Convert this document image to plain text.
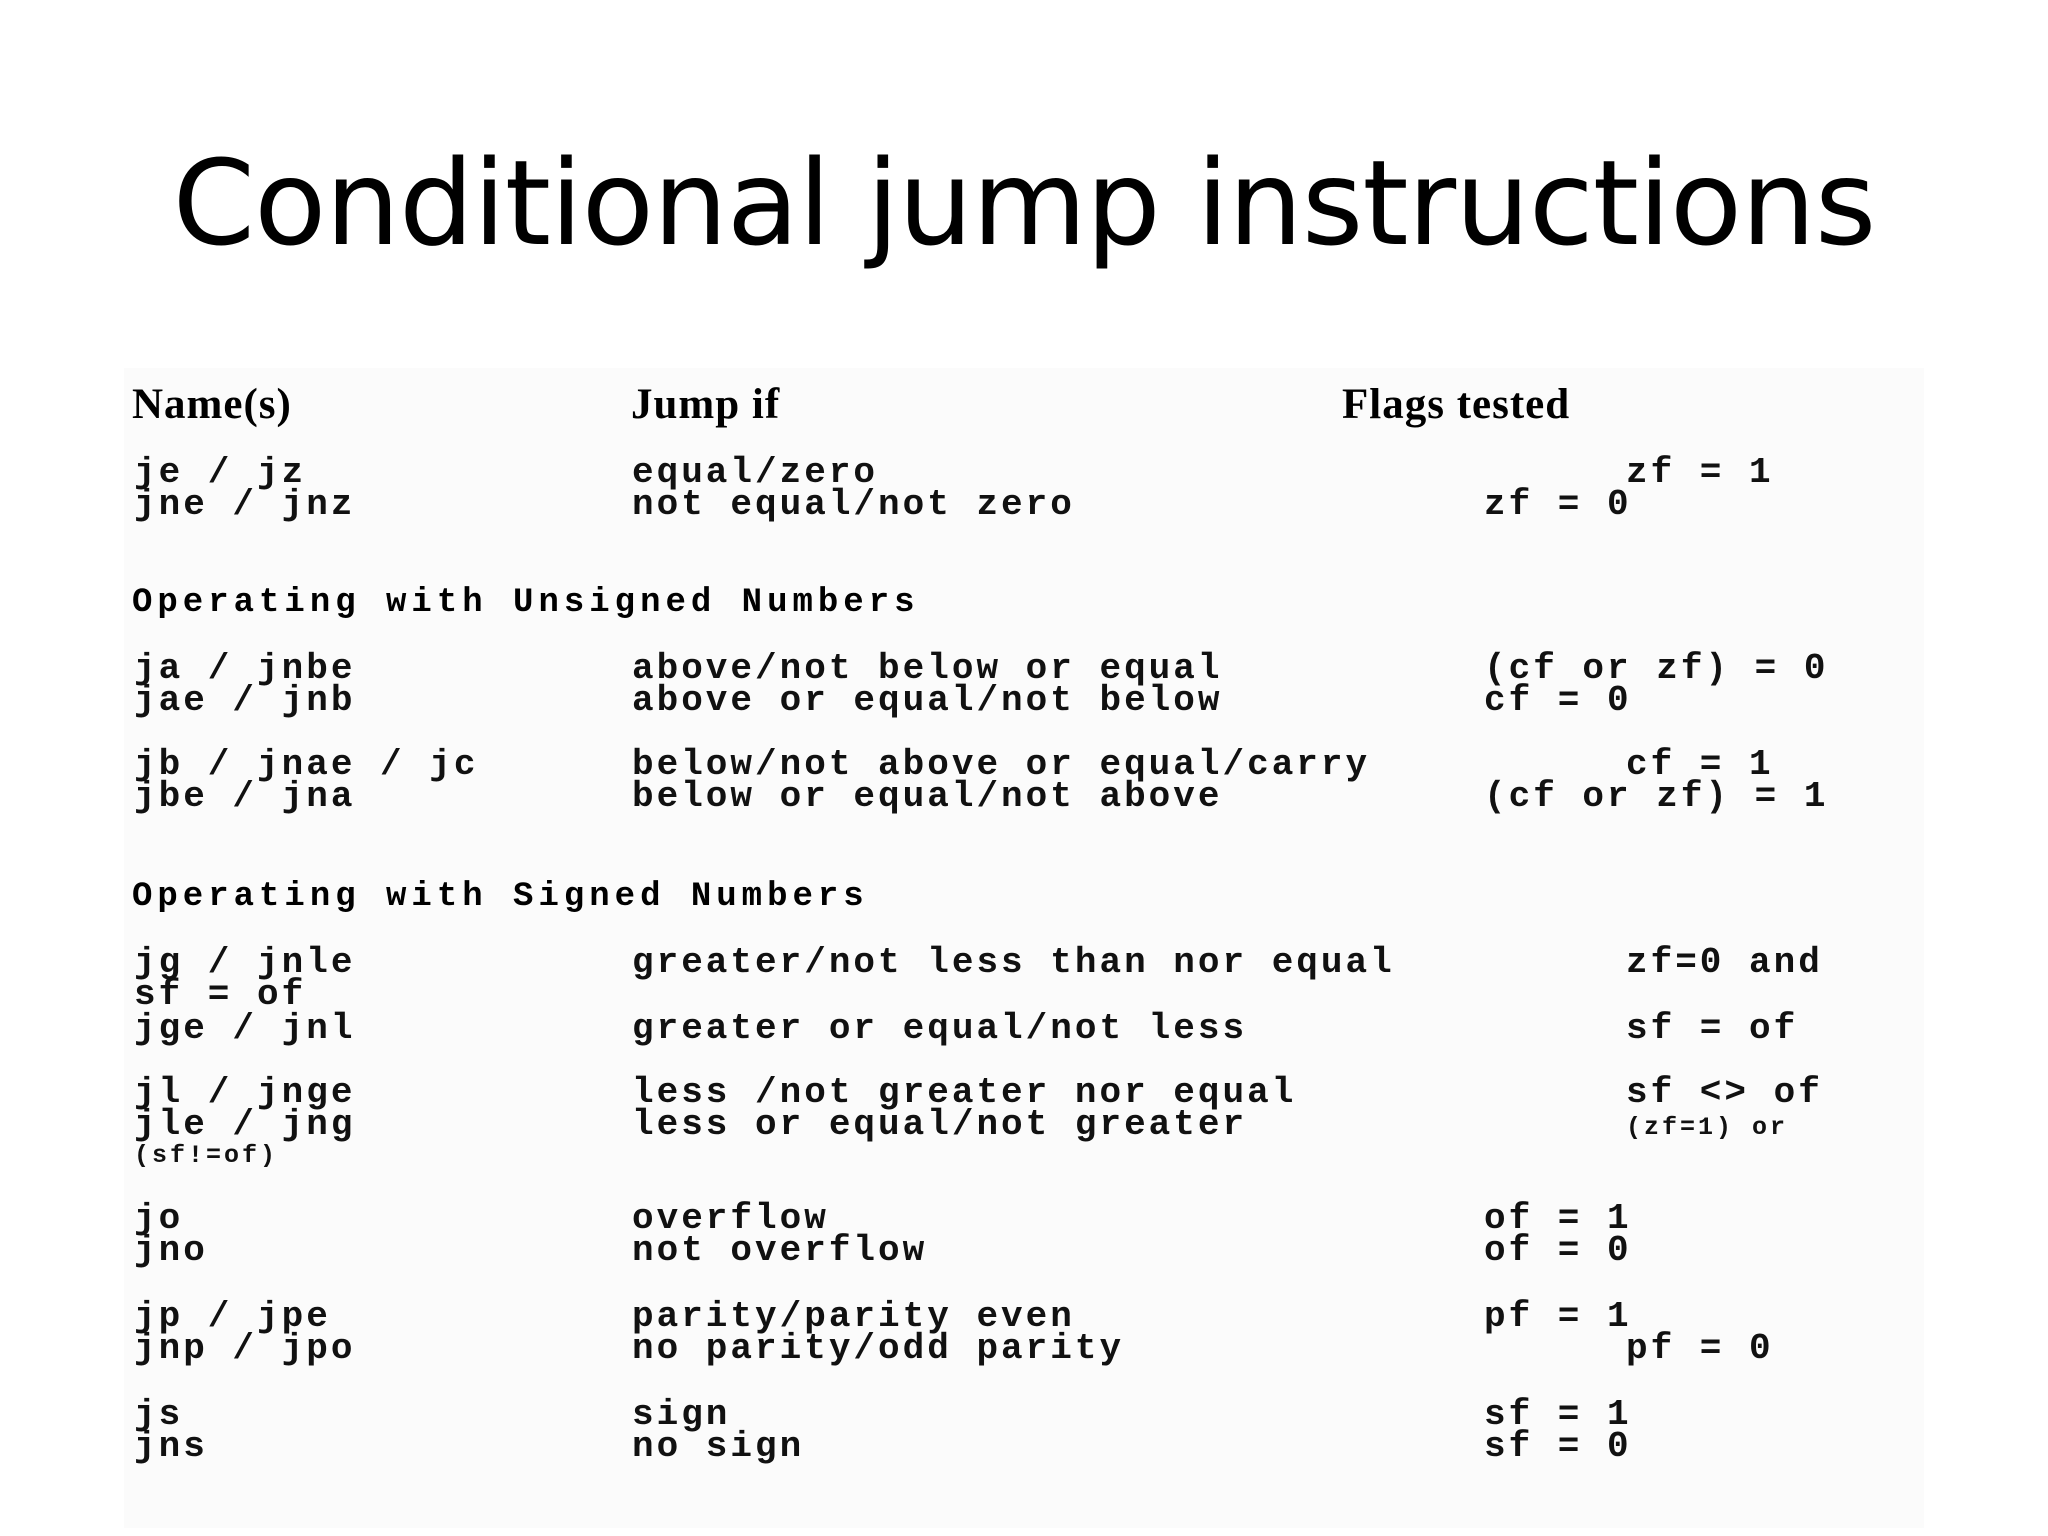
Conditional jump instructions
Name(s)	Jump if	Flags tested
je / jz	equal/zero	zf = 1
jne / jnz	not equal/not zero	zf = 0
Operating with Unsigned Numbers
ja / jnbe	above/not below or equal	(cf or zf) = 0
jae / jnb	above or equal/not below	cf = 0
jb / jnae / jc	below/not above or equal/carry	cf = 1
jbe / jna	below or equal/not above	(cf or zf) = 1
Operating with Signed Numbers
jg / jnle	greater/not less than nor equal	zf=0 and
sf = of
jge / jnl	greater or equal/not less	sf = of
jl / jnge	less /not greater nor equal	sf <> of
jle / jng	less or equal/not greater	(zf=1) or
(sf!=of)
jo	overflow	of = 1
jno	not overflow	of = 0
jp / jpe	parity/parity even	pf = 1
jnp / jpo	no parity/odd parity	pf = 0
js	sign	sf = 1
jns	no sign	sf = 0
